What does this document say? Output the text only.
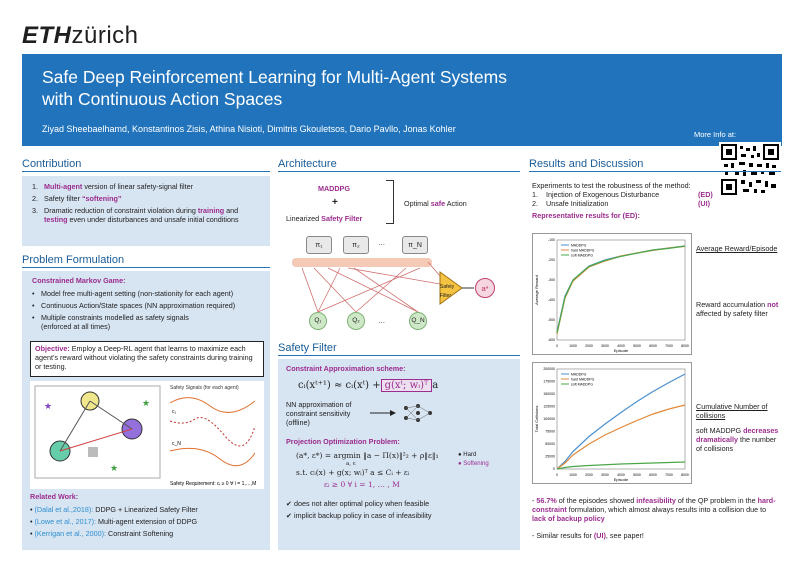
ETHzürich
Safe Deep Reinforcement Learning for Multi-Agent Systems
with Continuous Action Spaces
Ziyad Sheebaelhamd, Konstantinos Zisis, Athina Nisioti, Dimitris Gkouletsos, Dario Pavllo, Jonas Kohler
More Info at:
Contribution
1. Multi-agent version of linear safety-signal filter
2. Safety filter “softening”
3. Dramatic reduction of constraint violation during training and
testing even under disturbances and unsafe initial conditions
Problem Formulation
Constrained Markov Game:
• Model free multi-agent setting (non-stationity for each agent)
• Continuous Action/State spaces (NN approximation required)
• Multiple constraints modelled as safety signals
(enforced at all times)
Objective: Employ a Deep-RL agent that learns to maximize each agent’s reward without violating the safety constraints during training or testing.
★	★
★
Safety Signals (for each agent)
c₁
c_N
Safety Requirement: cᵢ ≥ 0 ∀ i = 1,…,M
Related Work:
• (Dalal et al.,2018): DDPG + Linearized Safety Filter
• (Lowe et al., 2017): Multi-agent extension of DDPG
• (Kerrigan et al., 2000): Constraint Softening
Architecture
MADDPG
+
Linearized Safety Filter
Optimal safe Action
π₁	π₂	…	π_N
Safety Filter
a*
Q₁	Q₂	…	Q_N
Safety Filter
Constraint Approximation scheme:
cᵢ(xᵗ⁺¹) ≈ cᵢ(xᵗ) + g(xᵗ; wᵢ)ᵀ a
NN approximation of constraint sensitivity (offline)
Projection Optimization Problem:
● Hard
● Softening
(a*, ε*) = argmin ‖a − Π(x)‖²₂ + ρ‖ε‖₁
a, ε
s.t. cᵢ(x) + g(x; wᵢ)ᵀ a ≤ Cᵢ + εᵢ
εᵢ ≥ 0 ∀ i = 1, … , M
✔ does not alter optimal policy when feasible
✔ implicit backup policy in case of infeasibility
Results and Discussion
Experiments to test the robustness of the method:
1.	Injection of Exogenous Disturbance	(ED)
2.	Unsafe Initialization	(UI)
Representative results for (ED):
0	1000 2000 3000 4000 5000 6000 7000 8000
-100
-200
-300
-400
-500
-600
Episode
Average Reward
MADDPG
hard MADDPG
soft MADDPG
0	1000 2000 3000 4000 5000 6000 7000 8000
0
25000
50000
75000
100000
125000
150000
175000
200000
Episode
Total Collisions
MADDPG
hard MADDPG
soft MADDPG
Average Reward/Episode
Reward accumulation not affected by safety filter
Cumulative Number of collisions
soft MADDPG decreases dramatically the number of collisions
- 56.7% of the episodes showed infeasibility of the QP problem in the hard-constraint formulation, which almost always results into a collision due to lack of backup policy
- Similar results for (UI), see paper!
